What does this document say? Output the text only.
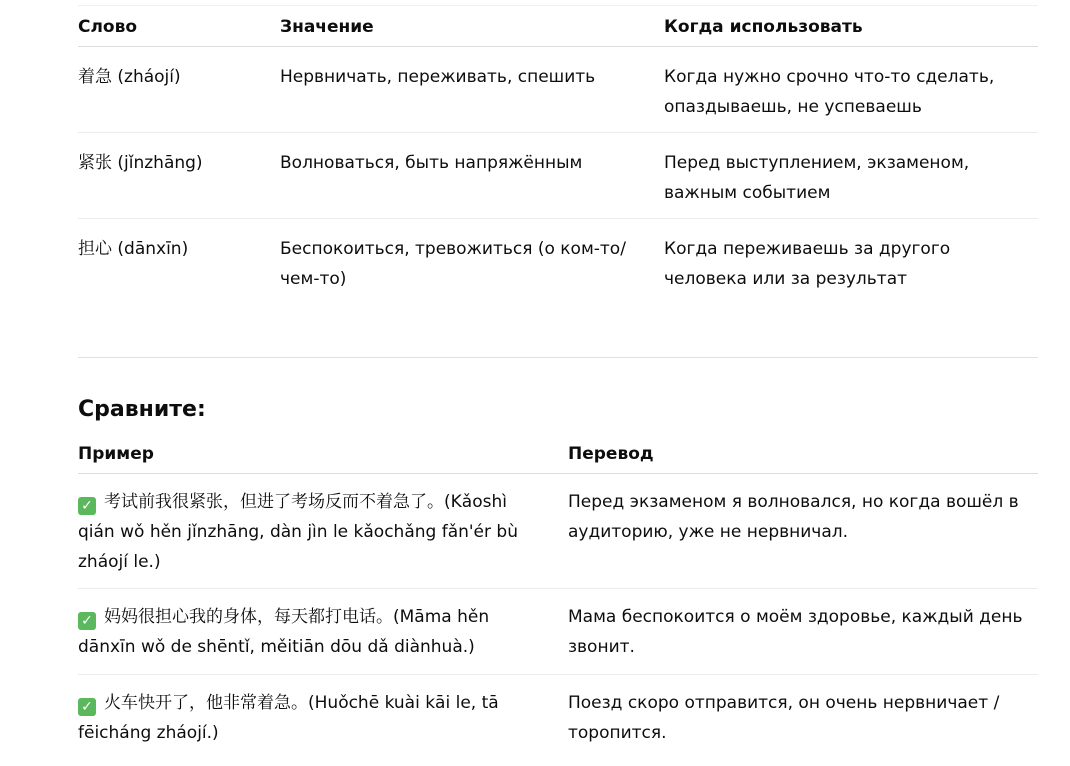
Слово	Значение	Когда использовать
着急 (zháojí)	Нервничать, переживать, спешить	Когда нужно срочно что-то сделать, опаздываешь, не успеваешь
紧张 (jǐnzhāng)	Волноваться, быть напряжённым	Перед выступлением, экзаменом, важным событием
担心 (dānxīn)	Беспокоиться, тревожиться (о ком-то/чем-то)	Когда переживаешь за другого человека или за результат
Сравните:
Пример	Перевод
✓ 考试前我很紧张，但进了考场反而不着急了。(Kǎoshì qián wǒ hěn jǐnzhāng, dàn jìn le kǎochǎng fǎn'ér bù zháojí le.)	Перед экзаменом я волновался, но когда вошёл в аудиторию, уже не нервничал.
✓ 妈妈很担心我的身体，每天都打电话。(Māma hěn dānxīn wǒ de shēntǐ, měitiān dōu dǎ diànhuà.)	Мама беспокоится о моём здоровье, каждый день звонит.
✓ 火车快开了，他非常着急。(Huǒchē kuài kāi le, tā fēicháng zháojí.)	Поезд скоро отправится, он очень нервничает / торопится.
